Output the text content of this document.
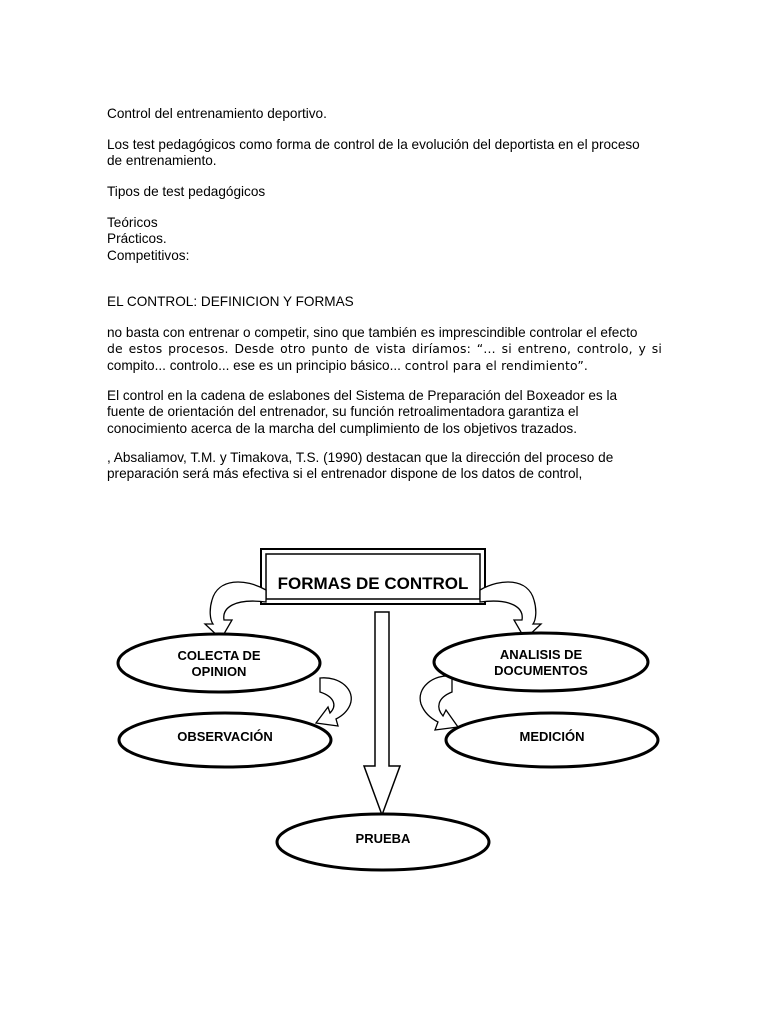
Control del entrenamiento deportivo.

Los test pedagógicos como forma de control de la evolución del deportista en el proceso
de entrenamiento.

Tipos de test pedagógicos

Teóricos
Prácticos.
Competitivos:

EL CONTROL: DEFINICION Y FORMAS

no basta con entrenar o competir, sino que también es imprescindible controlar el efecto
de estos procesos. Desde otro punto de vista diríamos: “… si entreno, controlo, y si
compito... controlo... ese es un principio básico... control para el rendimiento”.

El control en la cadena de eslabones del Sistema de Preparación del Boxeador es la
fuente de orientación del entrenador, su función retroalimentadora garantiza el
conocimiento acerca de la marcha del cumplimiento de los objetivos trazados.

, Absaliamov, T.M. y Timakova, T.S. (1990) destacan que la dirección del proceso de
preparación será más efectiva si el entrenador dispone de los datos de control,

FORMAS DE CONTROL
COLECTA DE
OPINION
ANALISIS DE
DOCUMENTOS
OBSERVACIÓN	MEDICIÓN
PRUEBA
